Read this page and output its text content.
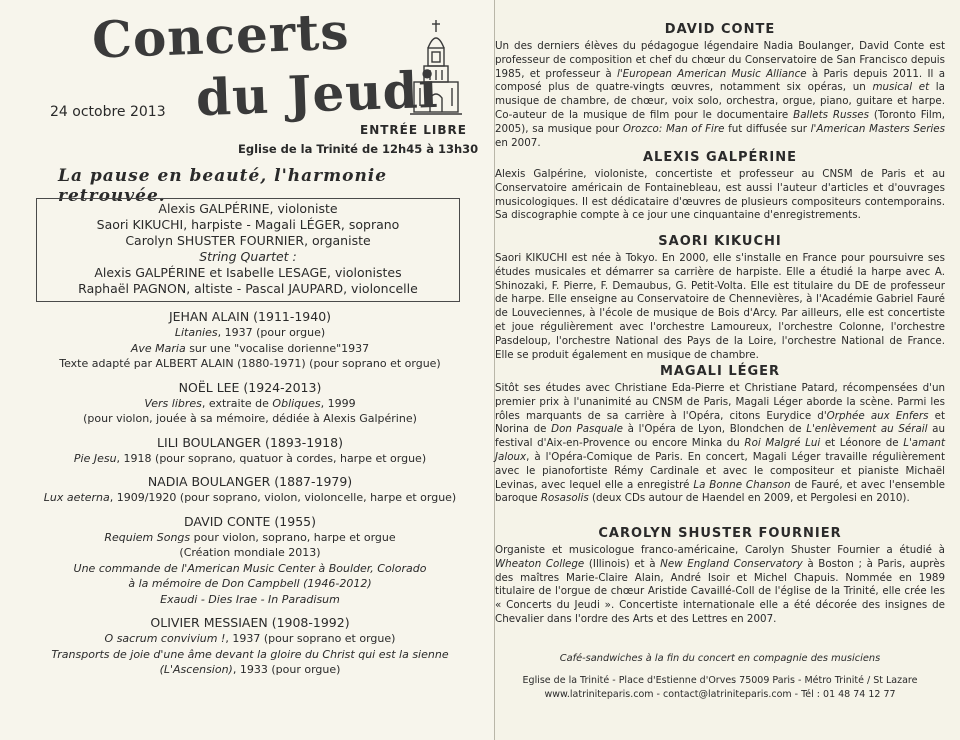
Concerts
du Jeudi
24 octobre 2013
ENTRÉE LIBRE
Eglise de la Trinité de 12h45 à 13h30
La pause en beauté, l'harmonie retrouvée.
Alexis GALPÉRINE, violoniste
Saori KIKUCHI, harpiste - Magali LÉGER, soprano
Carolyn SHUSTER FOURNIER, organiste
String Quartet :
Alexis GALPÉRINE et Isabelle LESAGE, violonistes
Raphaël PAGNON, altiste - Pascal JAUPARD, violoncelle
JEHAN ALAIN (1911-1940)
Litanies, 1937 (pour orgue)
Ave Maria sur une "vocalise dorienne"1937
Texte adapté par ALBERT ALAIN (1880-1971) (pour soprano et orgue)
NOËL LEE (1924-2013)
Vers libres, extraite de Obliques, 1999
(pour violon, jouée à sa mémoire, dédiée à Alexis Galpérine)
LILI BOULANGER (1893-1918)
Pie Jesu, 1918 (pour soprano, quatuor à cordes, harpe et orgue)
NADIA BOULANGER (1887-1979)
Lux aeterna, 1909/1920 (pour soprano, violon, violoncelle, harpe et orgue)
DAVID CONTE (1955)
Requiem Songs pour violon, soprano, harpe et orgue
(Création mondiale 2013)
Une commande de l'American Music Center à Boulder, Colorado
à la mémoire de Don Campbell (1946-2012)
Exaudi - Dies Irae - In Paradisum
OLIVIER MESSIAEN (1908-1992)
O sacrum convivium !, 1937 (pour soprano et orgue)
Transports de joie d'une âme devant la gloire du Christ qui est la sienne
(L'Ascension), 1933 (pour orgue)
DAVID CONTE
Un des derniers élèves du pédagogue légendaire Nadia Boulanger, David Conte est professeur de composition et chef du chœur du Conservatoire de San Francisco depuis 1985, et professeur à l'European American Music Alliance à Paris depuis 2011. Il a composé plus de quatre-vingts œuvres, notamment six opéras, un musical et la musique de chambre, de chœur, voix solo, orchestra, orgue, piano, guitare et harpe. Co-auteur de la musique de film pour le documentaire Ballets Russes (Toronto Film, 2005), sa musique pour Orozco: Man of Fire fut diffusée sur l'American Masters Series en 2007.
ALEXIS GALPÉRINE
Alexis Galpérine, violoniste, concertiste et professeur au CNSM de Paris et au Conservatoire américain de Fontainebleau, est aussi l'auteur d'articles et d'ouvrages musicologiques. Il est dédicataire d'œuvres de plusieurs compositeurs contemporains. Sa discographie compte à ce jour une cinquantaine d'enregistrements.
SAORI KIKUCHI
Saori KIKUCHI est née à Tokyo. En 2000, elle s'installe en France pour poursuivre ses études musicales et démarrer sa carrière de harpiste. Elle a étudié la harpe avec A. Shinozaki, F. Pierre, F. Demaubus, G. Petit-Volta. Elle est titulaire du DE de professeur de harpe. Elle enseigne au Conservatoire de Chennevières, à l'Académie Gabriel Fauré de Louveciennes, à l'école de musique de Bois d'Arcy. Par ailleurs, elle est concertiste et joue régulièrement avec l'orchestre Lamoureux, l'orchestre Colonne, l'orchestre Pasdeloup, l'orchestre National des Pays de la Loire, l'orchestre National de France. Elle se produit également en musique de chambre.
MAGALI LÉGER
Sitôt ses études avec Christiane Eda-Pierre et Christiane Patard, récompensées d'un premier prix à l'unanimité au CNSM de Paris, Magali Léger aborde la scène. Parmi les rôles marquants de sa carrière à l'Opéra, citons Eurydice d'Orphée aux Enfers et Norina de Don Pasquale à l'Opéra de Lyon, Blondchen de L'enlèvement au Sérail au festival d'Aix-en-Provence ou encore Minka du Roi Malgré Lui et Léonore de L'amant Jaloux, à l'Opéra-Comique de Paris. En concert, Magali Léger travaille régulièrement avec le pianofortiste Rémy Cardinale et avec le compositeur et pianiste Michaël Levinas, avec lequel elle a enregistré La Bonne Chanson de Fauré, et avec l'ensemble baroque Rosasolis (deux CDs autour de Haendel en 2009, et Pergolesi en 2010).
CAROLYN SHUSTER FOURNIER
Organiste et musicologue franco-américaine, Carolyn Shuster Fournier a étudié à Wheaton College (Illinois) et à New England Conservatory à Boston ; à Paris, auprès des maîtres Marie-Claire Alain, André Isoir et Michel Chapuis. Nommée en 1989 titulaire de l'orgue de chœur Aristide Cavaillé-Coll de l'église de la Trinité, elle crée les « Concerts du Jeudi ». Concertiste internationale elle a été décorée des insignes de Chevalier dans l'ordre des Arts et des Lettres en 2007.
Café-sandwiches à la fin du concert en compagnie des musiciens
Eglise de la Trinité - Place d'Estienne d'Orves 75009 Paris - Métro Trinité / St Lazare
www.latriniteparis.com - contact@latriniteparis.com - Tél : 01 48 74 12 77
